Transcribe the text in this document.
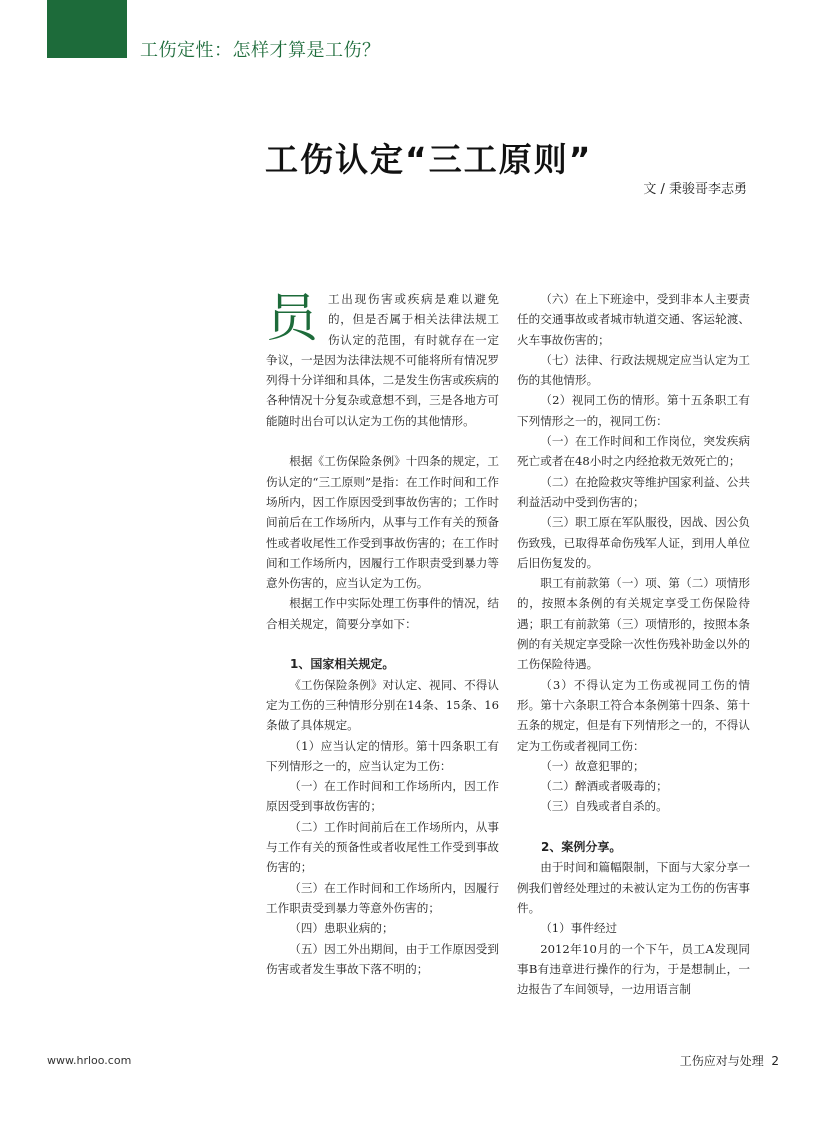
工伤定性：怎样才算是工伤？
工伤认定“三工原则”
文 / 秉骏哥李志勇

员工出现伤害或疾病是难以避免的，但是否属于相关法律法规工伤认定的范围，有时就存在一定争议，一是因为法律法规不可能将所有情况罗列得十分详细和具体，二是发生伤害或疾病的各种情况十分复杂或意想不到，三是各地方可能随时出台可以认定为工伤的其他情形。

根据《工伤保险条例》十四条的规定，工伤认定的“三工原则”是指：在工作时间和工作场所内，因工作原因受到事故伤害的；工作时间前后在工作场所内，从事与工作有关的预备性或者收尾性工作受到事故伤害的；在工作时间和工作场所内，因履行工作职责受到暴力等意外伤害的，应当认定为工伤。

根据工作中实际处理工伤事件的情况，结合相关规定，简要分享如下：

1、国家相关规定。

《工伤保险条例》对认定、视同、不得认定为工伤的三种情形分别在14条、15条、16条做了具体规定。

（1）应当认定的情形。第十四条职工有下列情形之一的，应当认定为工伤：

（一）在工作时间和工作场所内，因工作原因受到事故伤害的；

（二）工作时间前后在工作场所内，从事与工作有关的预备性或者收尾性工作受到事故伤害的；

（三）在工作时间和工作场所内，因履行工作职责受到暴力等意外伤害的；

（四）患职业病的；

（五）因工外出期间，由于工作原因受到伤害或者发生事故下落不明的；

（六）在上下班途中，受到非本人主要责任的交通事故或者城市轨道交通、客运轮渡、火车事故伤害的；

（七）法律、行政法规规定应当认定为工伤的其他情形。

（2）视同工伤的情形。第十五条职工有下列情形之一的，视同工伤：

（一）在工作时间和工作岗位，突发疾病死亡或者在48小时之内经抢救无效死亡的；

（二）在抢险救灾等维护国家利益、公共利益活动中受到伤害的；

（三）职工原在军队服役，因战、因公负伤致残，已取得革命伤残军人证，到用人单位后旧伤复发的。

职工有前款第（一）项、第（二）项情形的，按照本条例的有关规定享受工伤保险待遇；职工有前款第（三）项情形的，按照本条例的有关规定享受除一次性伤残补助金以外的工伤保险待遇。

（3）不得认定为工伤或视同工伤的情形。第十六条职工符合本条例第十四条、第十五条的规定，但是有下列情形之一的，不得认定为工伤或者视同工伤：

（一）故意犯罪的；

（二）醉酒或者吸毒的；

（三）自残或者自杀的。

2、案例分享。

由于时间和篇幅限制，下面与大家分享一例我们曾经处理过的未被认定为工伤的伤害事件。

（1）事件经过

2012年10月的一个下午，员工A发现同事B有违章进行操作的行为，于是想制止，一边报告了车间领导，一边用语言制

www.hrloo.com	工伤应对与处理 2
